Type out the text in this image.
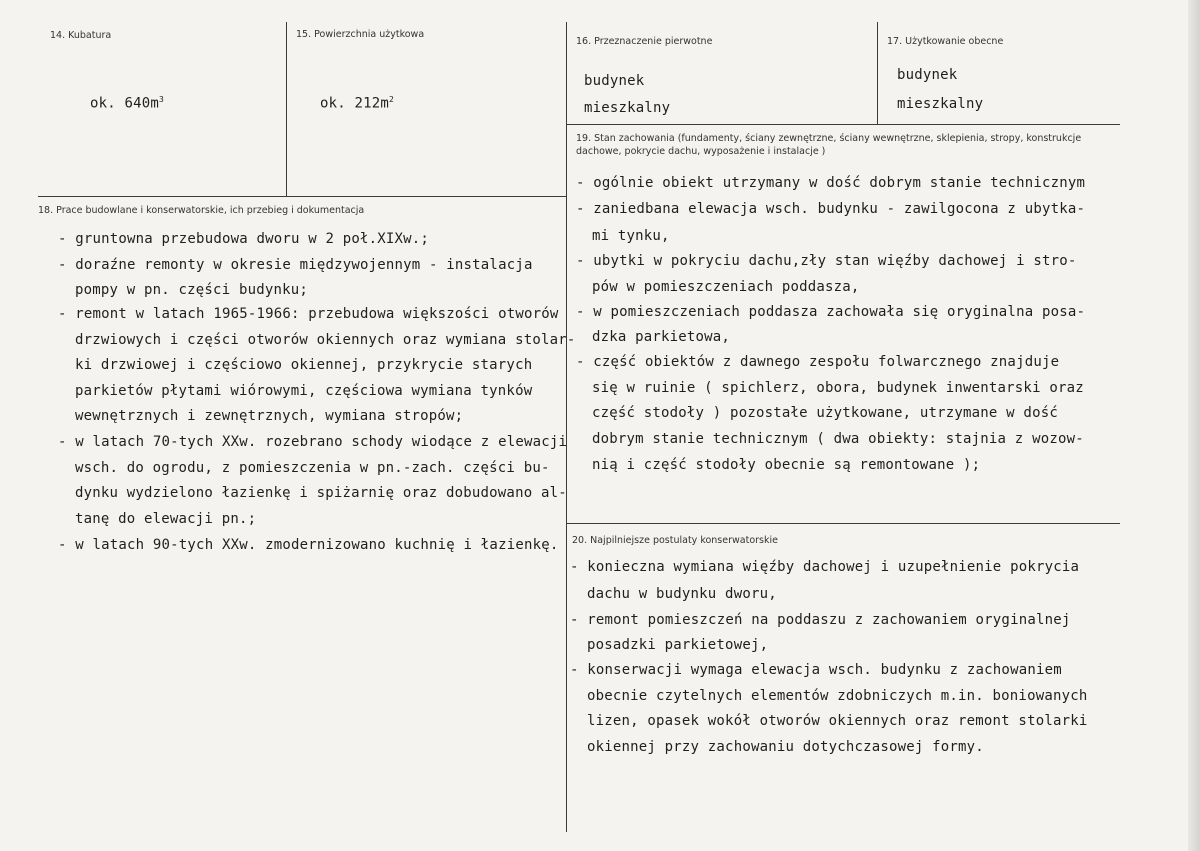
14. Kubatura
ok. $640m^3$
15. Powierzchnia użytkowa
ok. $212m^2$
16. Przeznaczenie pierwotne
budynek
mieszkalny
17. Użytkowanie obecne
budynek
mieszkalny
18. Prace budowlane i konserwatorskie, ich przebieg i dokumentacja
- gruntowna przebudowa dworu w 2 poł.XIXw.;
- doraźne remonty w okresie międzywojennym - instalacja
pompy w pn. części budynku;
- remont w latach 1965-1966: przebudowa większości otworów
drzwiowych i części otworów okiennych oraz wymiana stolar-
ki drzwiowej i częściowo okiennej, przykrycie starych
parkietów płytami wiórowymi, częściowa wymiana tynków
wewnętrznych i zewnętrznych, wymiana stropów;
- w latach 70-tych XXw. rozebrano schody wiodące z elewacji
wsch. do ogrodu, z pomieszczenia w pn.-zach. części bu-
dynku wydzielono łazienkę i spiżarnię oraz dobudowano al-
tanę do elewacji pn.;
- w latach 90-tych XXw. zmodernizowano kuchnię i łazienkę.
19. Stan zachowania (fundamenty, ściany zewnętrzne, ściany wewnętrzne, sklepienia, stropy, konstrukcje dachowe, pokrycie dachu, wyposażenie i instalacje )
- ogólnie obiekt utrzymany w dość dobrym stanie technicznym
- zaniedbana elewacja wsch. budynku - zawilgocona z ubytka-
mi tynku,
- ubytki w pokryciu dachu,zły stan więźby dachowej i stro-
pów w pomieszczeniach poddasza,
- w pomieszczeniach poddasza zachowała się oryginalna posa-
dzka parkietowa,
- część obiektów z dawnego zespołu folwarcznego znajduje
się w ruinie ( spichlerz, obora, budynek inwentarski oraz
część stodoły ) pozostałe użytkowane, utrzymane w dość
dobrym stanie technicznym ( dwa obiekty: stajnia z wozow-
nią i część stodoły obecnie są remontowane );
20. Najpilniejsze postulaty konserwatorskie
- konieczna wymiana więźby dachowej i uzupełnienie pokrycia
dachu w budynku dworu,
- remont pomieszczeń na poddaszu z zachowaniem oryginalnej
posadzki parkietowej,
- konserwacji wymaga elewacja wsch. budynku z zachowaniem
obecnie czytelnych elementów zdobniczych m.in. boniowanych
lizen, opasek wokół otworów okiennych oraz remont stolarki
okiennej przy zachowaniu dotychczasowej formy.
